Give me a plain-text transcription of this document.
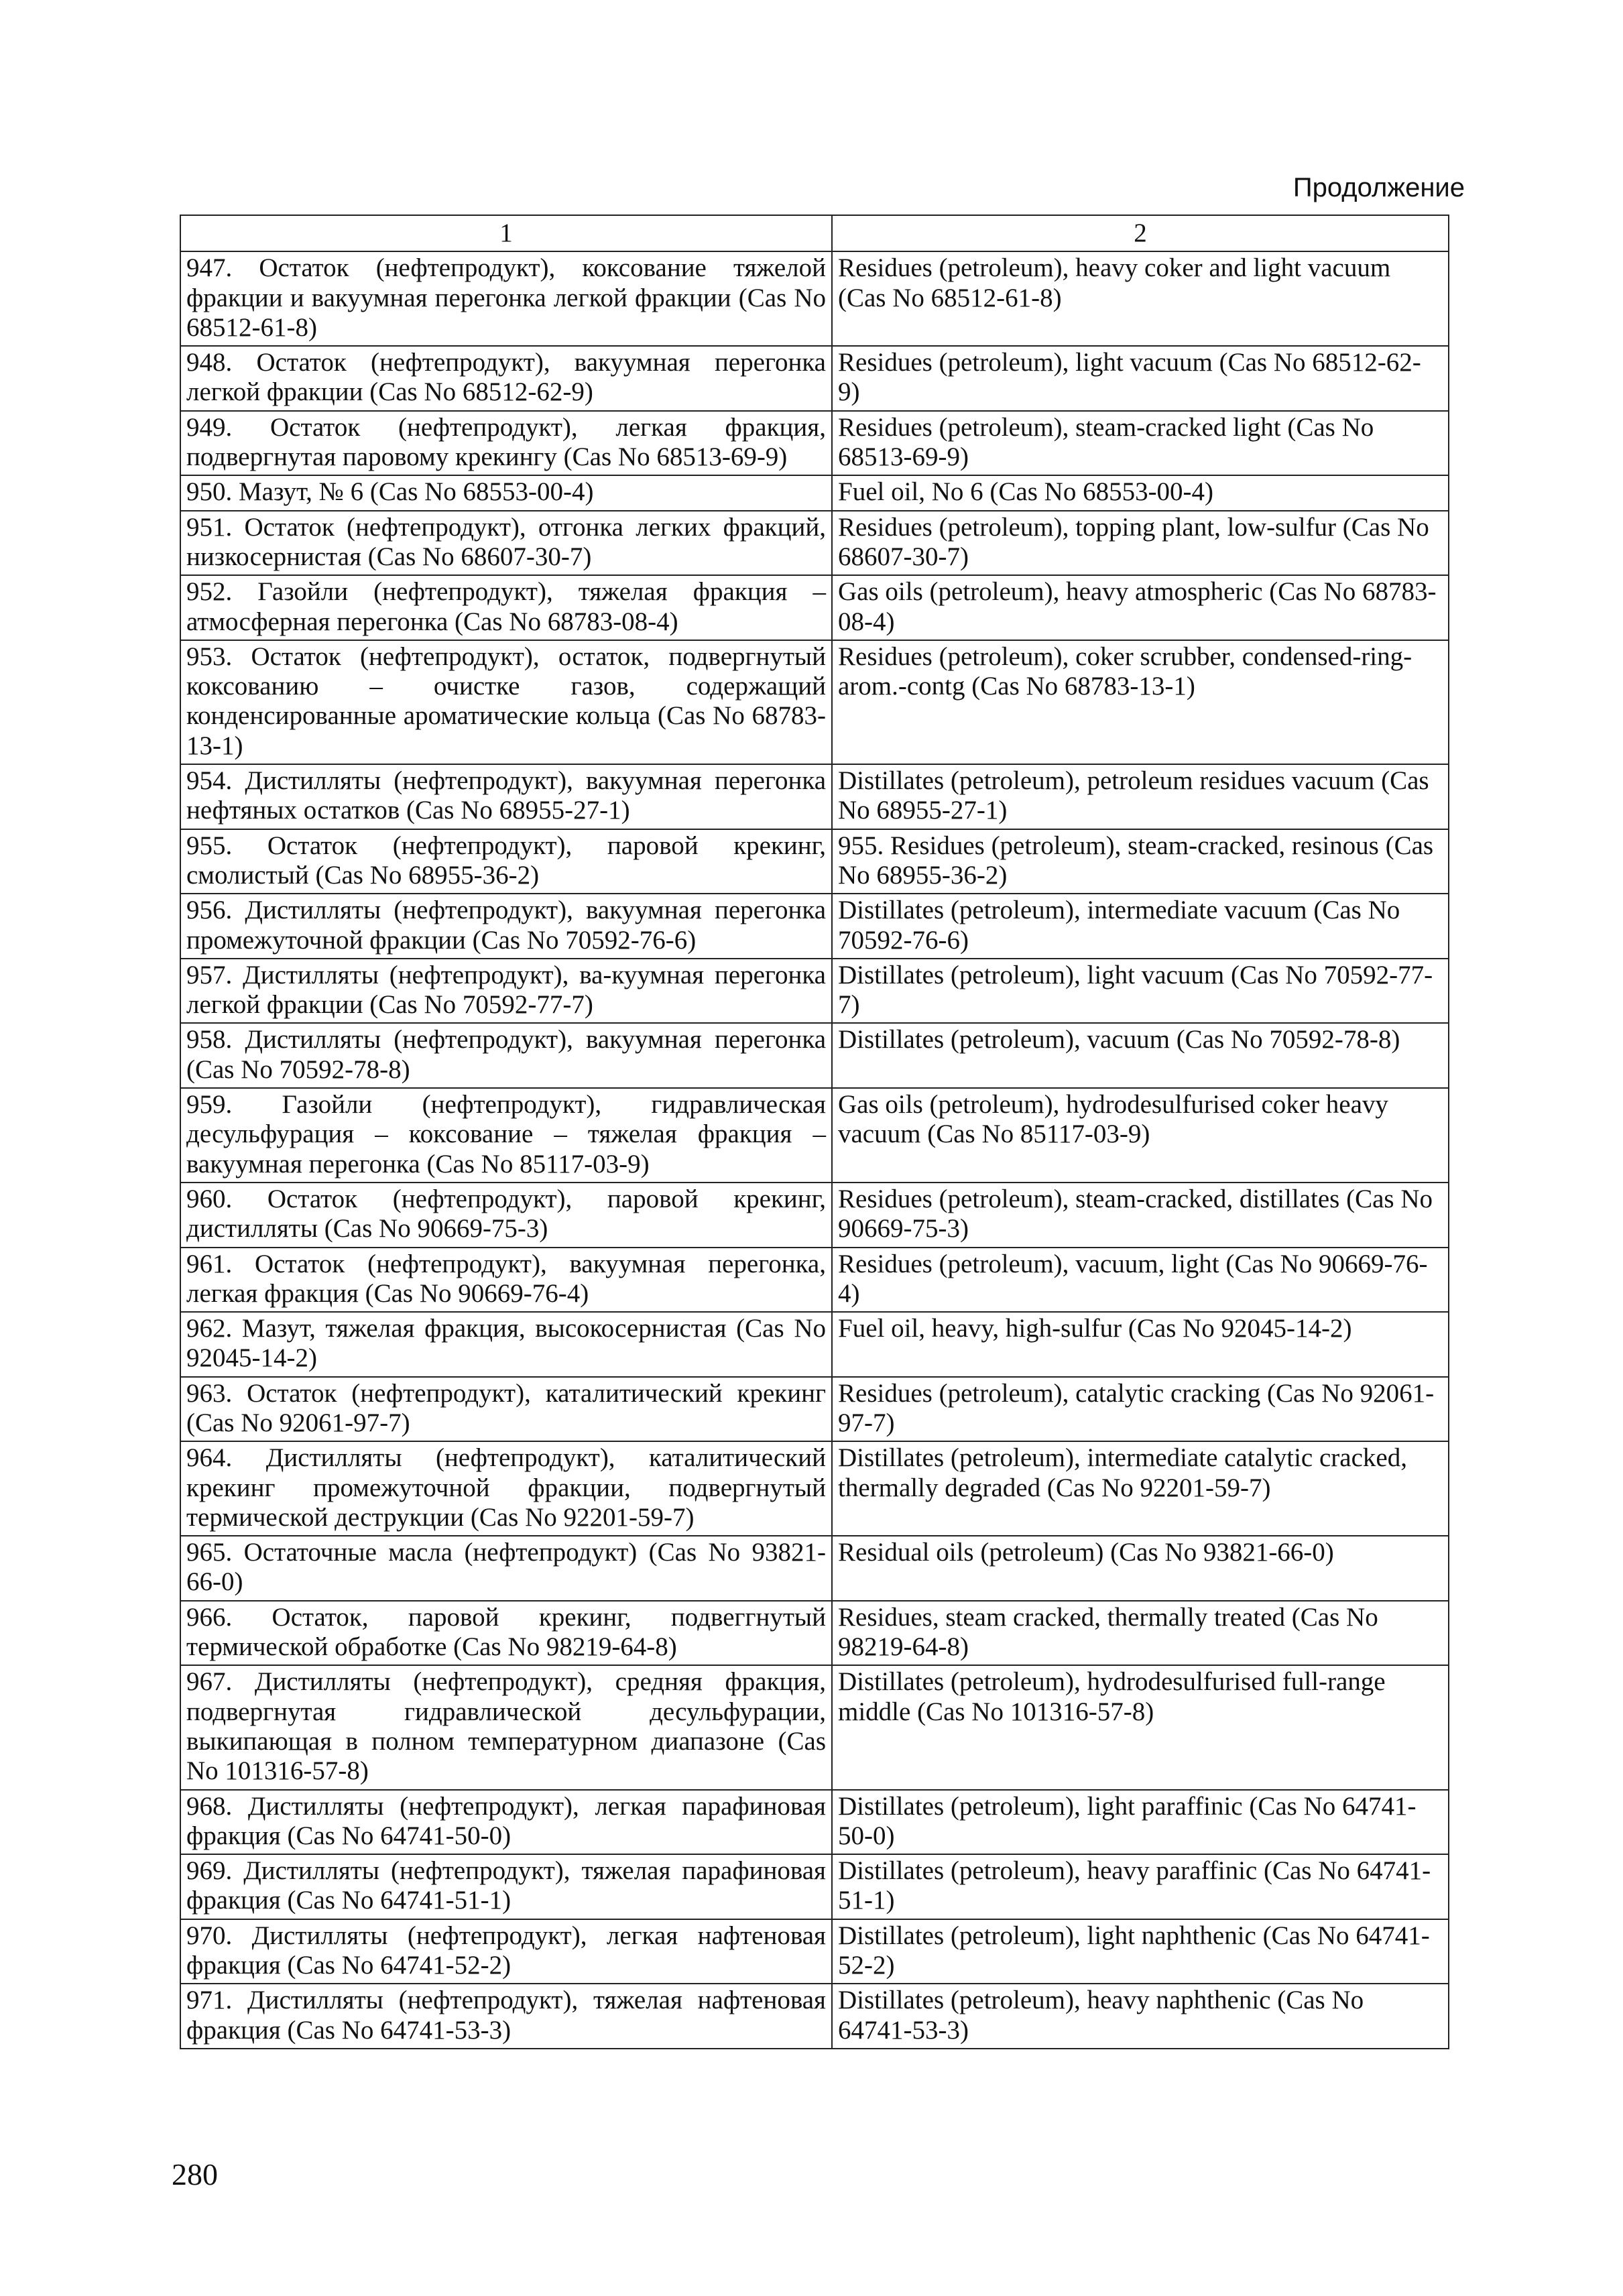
Продолжение
1	2
947. Остаток (нефтепродукт), коксование тяжелой фракции и вакуумная перегонка легкой фракции (Cas No 68512-61-8)	Residues (petroleum), heavy coker and light vacuum (Cas No 68512-61-8)
948. Остаток (нефтепродукт), вакуумная перегонка легкой фракции (Cas No 68512-62-9)	Residues (petroleum), light vacuum (Cas No 68512-62-9)
949. Остаток (нефтепродукт), легкая фракция, подвергнутая паровому крекингу (Cas No 68513-69-9)	Residues (petroleum), steam-cracked light (Cas No 68513-69-9)
950. Мазут, № 6 (Cas No 68553-00-4)	Fuel oil, No 6 (Cas No 68553-00-4)
951. Остаток (нефтепродукт), отгонка легких фракций, низкосернистая (Cas No 68607-30-7)	Residues (petroleum), topping plant, low-sulfur (Cas No 68607-30-7)
952. Газойли (нефтепродукт), тяжелая фракция – атмосферная перегонка (Cas No 68783-08-4)	Gas oils (petroleum), heavy atmospheric (Cas No 68783-08-4)
953. Остаток (нефтепродукт), остаток, подвергнутый коксованию – очистке газов, содержащий конденсированные ароматические кольца (Cas No 68783-13-1)	Residues (petroleum), coker scrubber, condensed-ring-arom.-contg (Cas No 68783-13-1)
954. Дистилляты (нефтепродукт), вакуумная перегонка нефтяных остатков (Cas No 68955-27-1)	Distillates (petroleum), petroleum residues vacuum (Cas No 68955-27-1)
955. Остаток (нефтепродукт), паровой крекинг, смолистый (Cas No 68955-36-2)	955. Residues (petroleum), steam-cracked, resinous (Cas No 68955-36-2)
956. Дистилляты (нефтепродукт), вакуумная перегонка промежуточной фракции (Cas No 70592-76-6)	Distillates (petroleum), intermediate vacuum (Cas No 70592-76-6)
957. Дистилляты (нефтепродукт), ва-куумная перегонка легкой фракции (Cas No 70592-77-7)	Distillates (petroleum), light vacuum (Cas No 70592-77-7)
958. Дистилляты (нефтепродукт), вакуумная перегонка (Cas No 70592-78-8)	Distillates (petroleum), vacuum (Cas No 70592-78-8)
959. Газойли (нефтепродукт), гидравлическая десульфурация – коксование – тяжелая фракция – вакуумная перегонка (Cas No 85117-03-9)	Gas oils (petroleum), hydrodesulfurised coker heavy vacuum (Cas No 85117-03-9)
960. Остаток (нефтепродукт), паровой крекинг, дистилляты (Cas No 90669-75-3)	Residues (petroleum), steam-cracked, distillates (Cas No 90669-75-3)
961. Остаток (нефтепродукт), вакуумная перегонка, легкая фракция (Cas No 90669-76-4)	Residues (petroleum), vacuum, light (Cas No 90669-76-4)
962. Мазут, тяжелая фракция, высокосернистая (Cas No 92045-14-2)	Fuel oil, heavy, high-sulfur (Cas No 92045-14-2)
963. Остаток (нефтепродукт), каталитический крекинг (Cas No 92061-97-7)	Residues (petroleum), catalytic cracking (Cas No 92061-97-7)
964. Дистилляты (нефтепродукт), каталитический крекинг промежуточной фракции, подвергнутый термической деструкции (Cas No 92201-59-7)	Distillates (petroleum), intermediate catalytic cracked, thermally degraded (Cas No 92201-59-7)
965. Остаточные масла (нефтепродукт) (Cas No 93821-66-0)	Residual oils (petroleum) (Cas No 93821-66-0)
966. Остаток, паровой крекинг, подвеггнутый термической обработке (Cas No 98219-64-8)	Residues, steam cracked, thermally treated (Cas No 98219-64-8)
967. Дистилляты (нефтепродукт), средняя фракция, подвергнутая гидравлической десульфурации, выкипающая в полном температурном диапазоне (Cas No 101316-57-8)	Distillates (petroleum), hydrodesulfurised full-range middle (Cas No 101316-57-8)
968. Дистилляты (нефтепродукт), легкая парафиновая фракция (Cas No 64741-50-0)	Distillates (petroleum), light paraffinic (Cas No 64741-50-0)
969. Дистилляты (нефтепродукт), тяжелая парафиновая фракция (Cas No 64741-51-1)	Distillates (petroleum), heavy paraffinic (Cas No 64741-51-1)
970. Дистилляты (нефтепродукт), легкая нафтеновая фракция (Cas No 64741-52-2)	Distillates (petroleum), light naphthenic (Cas No 64741-52-2)
971. Дистилляты (нефтепродукт), тяжелая нафтеновая фракция (Cas No 64741-53-3)	Distillates (petroleum), heavy naphthenic (Cas No 64741-53-3)
280
